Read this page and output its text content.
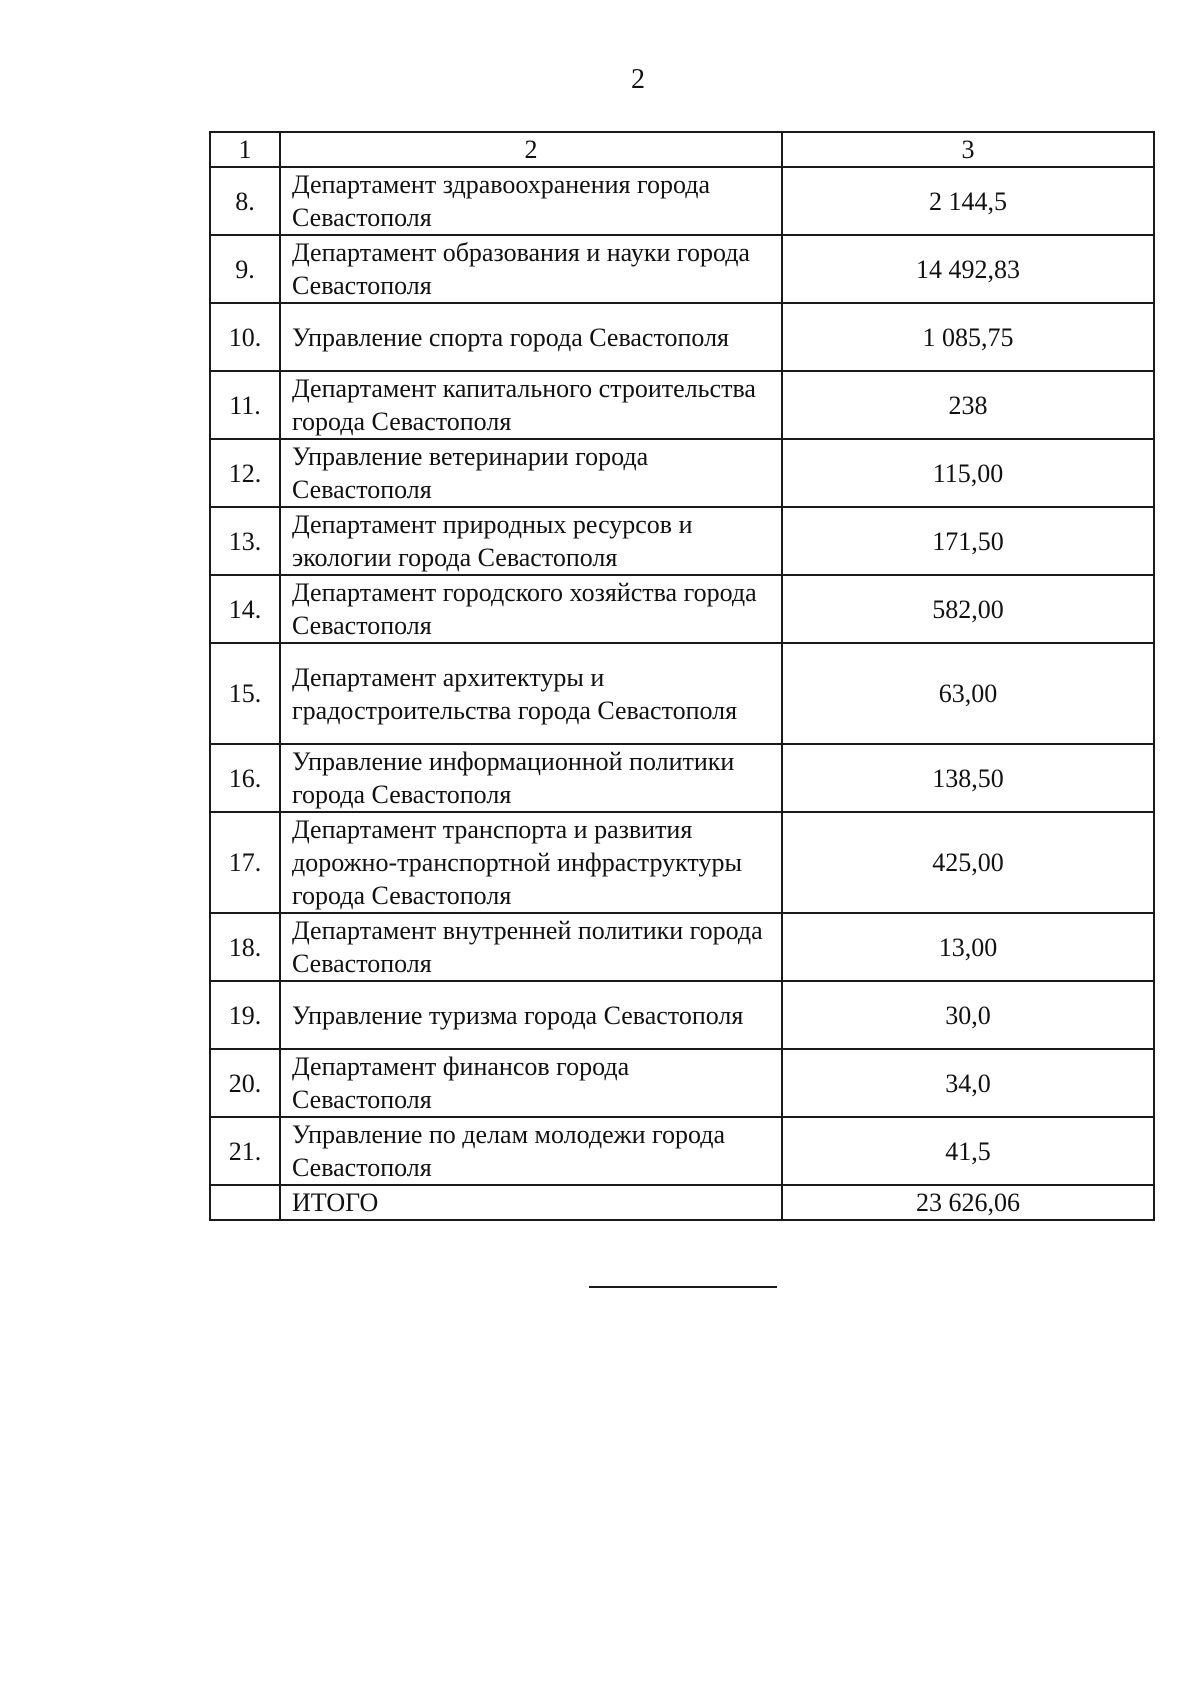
2
1	2	3
8.	Департамент здравоохранения города Севастополя	2 144,5
9.	Департамент образования и науки города Севастополя	14 492,83
10.	Управление спорта города Севастополя	1 085,75
11.	Департамент капитального строительства города Севастополя	238
12.	Управление ветеринарии города Севастополя	115,00
13.	Департамент природных ресурсов и экологии города Севастополя	171,50
14.	Департамент городского хозяйства города Севастополя	582,00
15.	Департамент архитектуры и градостроительства города Севастополя	63,00
16.	Управление информационной политики города Севастополя	138,50
17.	Департамент транспорта и развития дорожно-транспортной инфраструктуры города Севастополя	425,00
18.	Департамент внутренней политики города Севастополя	13,00
19.	Управление туризма города Севастополя	30,0
20.	Департамент финансов города Севастополя	34,0
21.	Управление по делам молодежи города Севастополя	41,5
	ИТОГО	23 626,06
